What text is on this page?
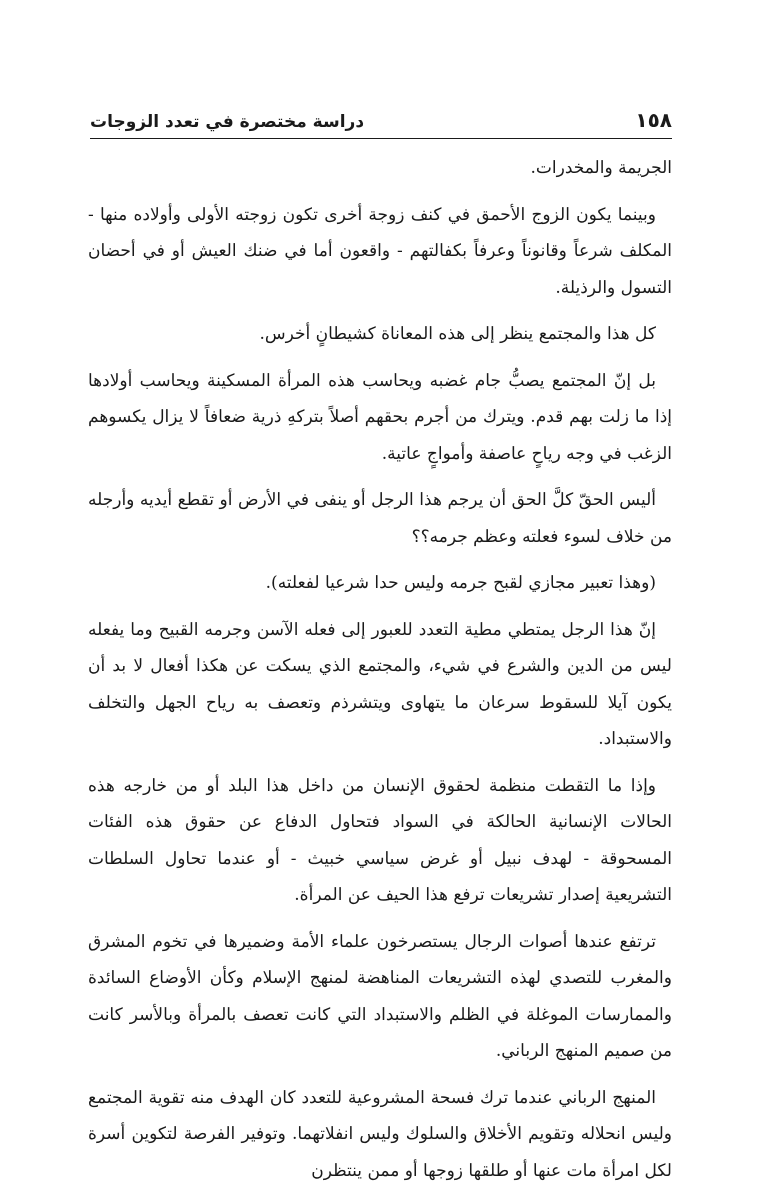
١٥٨
دراسة مختصرة في تعدد الزوجات

الجريمة والمخدرات.

وبينما يكون الزوج الأحمق في كنف زوجة أخرى تكون زوجته الأولى وأولاده منها - المكلف شرعاً وقانوناً وعرفاً بكفالتهم - واقعون أما في ضنك العيش أو في أحضان التسول والرذيلة.

كل هذا والمجتمع ينظر إلى هذه المعاناة كشيطانٍ أخرس.

بل إنّ المجتمع يصبُّ جام غضبه ويحاسب هذه المرأة المسكينة ويحاسب أولادها إذا ما زلت بهم قدم. ويترك من أجرم بحقهم أصلاً بتركهِ ذرية ضعافاً لا يزال يكسوهم الزغب في وجه رياحٍ عاصفة وأمواجٍ عاتية.

أليس الحقّ كلَّ الحق أن يرجم هذا الرجل أو ينفى في الأرض أو تقطع أيديه وأرجله من خلاف لسوء فعلته وعظم جرمه؟؟

(وهذا تعبير مجازي لقبح جرمه وليس حدا شرعيا لفعلته).

إنّ هذا الرجل يمتطي مطية التعدد للعبور إلى فعله الآسن وجرمه القبيح وما يفعله ليس من الدين والشرع في شيء، والمجتمع الذي يسكت عن هكذا أفعال لا بد أن يكون آيلا للسقوط سرعان ما يتهاوى ويتشرذم وتعصف به رياح الجهل والتخلف والاستبداد.

وإذا ما التقطت منظمة لحقوق الإنسان من داخل هذا البلد أو من خارجه هذه الحالات الإنسانية الحالكة في السواد فتحاول الدفاع عن حقوق هذه الفئات المسحوقة - لهدف نبيل أو غرض سياسي خبيث - أو عندما تحاول السلطات التشريعية إصدار تشريعات ترفع هذا الحيف عن المرأة.

ترتفع عندها أصوات الرجال يستصرخون علماء الأمة وضميرها في تخوم المشرق والمغرب للتصدي لهذه التشريعات المناهضة لمنهج الإسلام وكأن الأوضاع السائدة والممارسات الموغلة في الظلم والاستبداد التي كانت تعصف بالمرأة وبالأسر كانت من صميم المنهج الرباني.

المنهج الرباني عندما ترك فسحة المشروعية للتعدد كان الهدف منه تقوية المجتمع وليس انحلاله وتقويم الأخلاق والسلوك وليس انفلاتهما. وتوفير الفرصة لتكوين أسرة لكل امرأة مات عنها أو طلقها زوجها أو ممن ينتظرن
